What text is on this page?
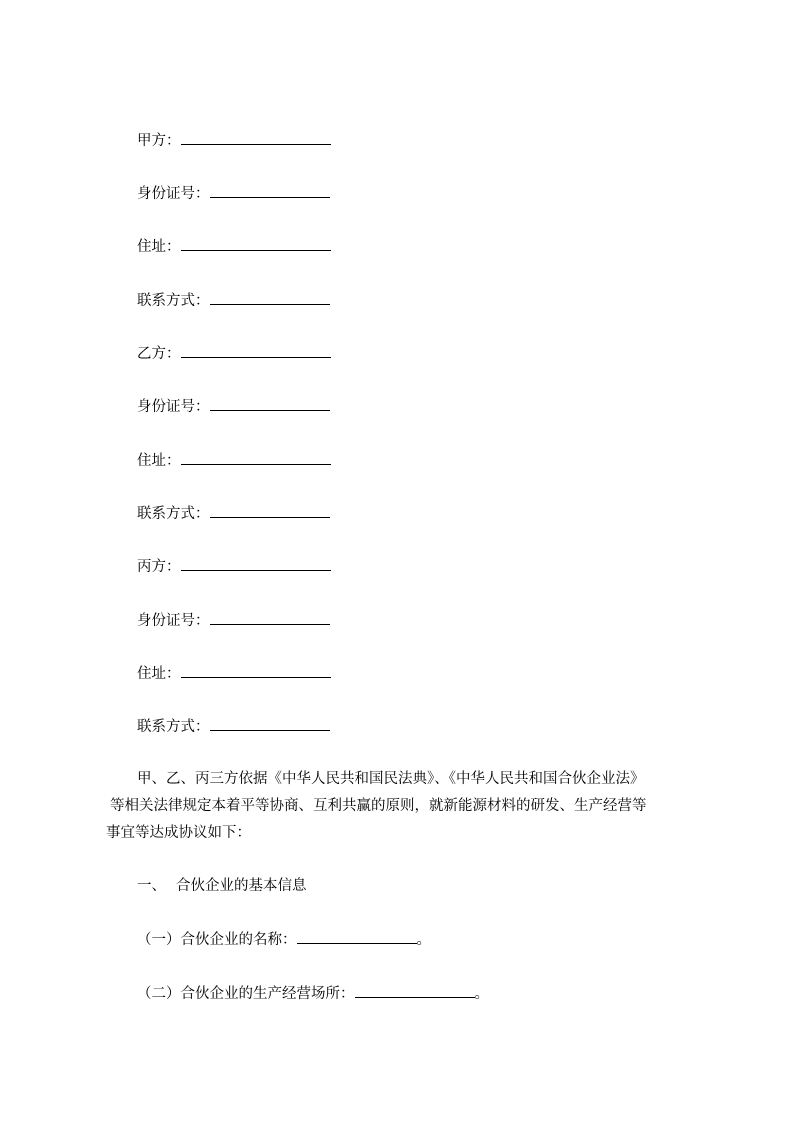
甲方：
身份证号：
住址：
联系方式：
乙方：
身份证号：
住址：
联系方式：
丙方：
身份证号：
住址：
联系方式：
甲、乙、丙三方依据《中华人民共和国民法典》、《中华人民共和国合伙企业法》
等相关法律规定本着平等协商、互利共赢的原则，就新能源材料的研发、生产经营等
事宜等达成协议如下：
一、 合伙企业的基本信息
（一）合伙企业的名称：	。
（二）合伙企业的生产经营场所：	。
